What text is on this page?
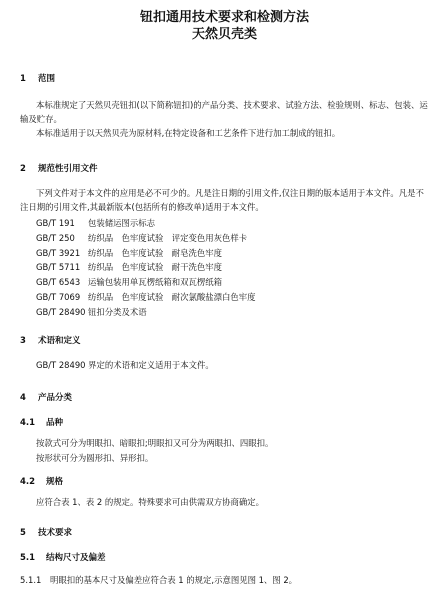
钮扣通用技术要求和检测方法
天然贝壳类
1	范围

本标准规定了天然贝壳钮扣(以下简称钮扣)的产品分类、技术要求、试验方法、检验规则、标志、包装、运输及贮存。

本标准适用于以天然贝壳为原材料,在特定设备和工艺条件下进行加工制成的钮扣。

2	规范性引用文件

下列文件对于本文件的应用是必不可少的。凡是注日期的引用文件,仅注日期的版本适用于本文件。凡是不注日期的引用文件,其最新版本(包括所有的修改单)适用于本文件。

GB/T 191 包装储运图示标志
GB/T 250 纺织品　色牢度试验　评定变色用灰色样卡
GB/T 3921 纺织品　色牢度试验　耐皂洗色牢度
GB/T 5711 纺织品　色牢度试验　耐干洗色牢度
GB/T 6543 运输包装用单瓦楞纸箱和双瓦楞纸箱
GB/T 7069 纺织品　色牢度试验　耐次氯酸盐漂白色牢度
GB/T 28490 钮扣分类及术语
3	术语和定义

GB/T 28490 界定的术语和定义适用于本文件。

4	产品分类
4.1	品种

按款式可分为明眼扣、暗眼扣;明眼扣又可分为两眼扣、四眼扣。

按形状可分为圆形扣、异形扣。

4.2	规格

应符合表 1、表 2 的规定。特殊要求可由供需双方协商确定。

5	技术要求
5.1	结构尺寸及偏差
5.1.1 明眼扣的基本尺寸及偏差应符合表 1 的规定,示意图见图 1、图 2。
